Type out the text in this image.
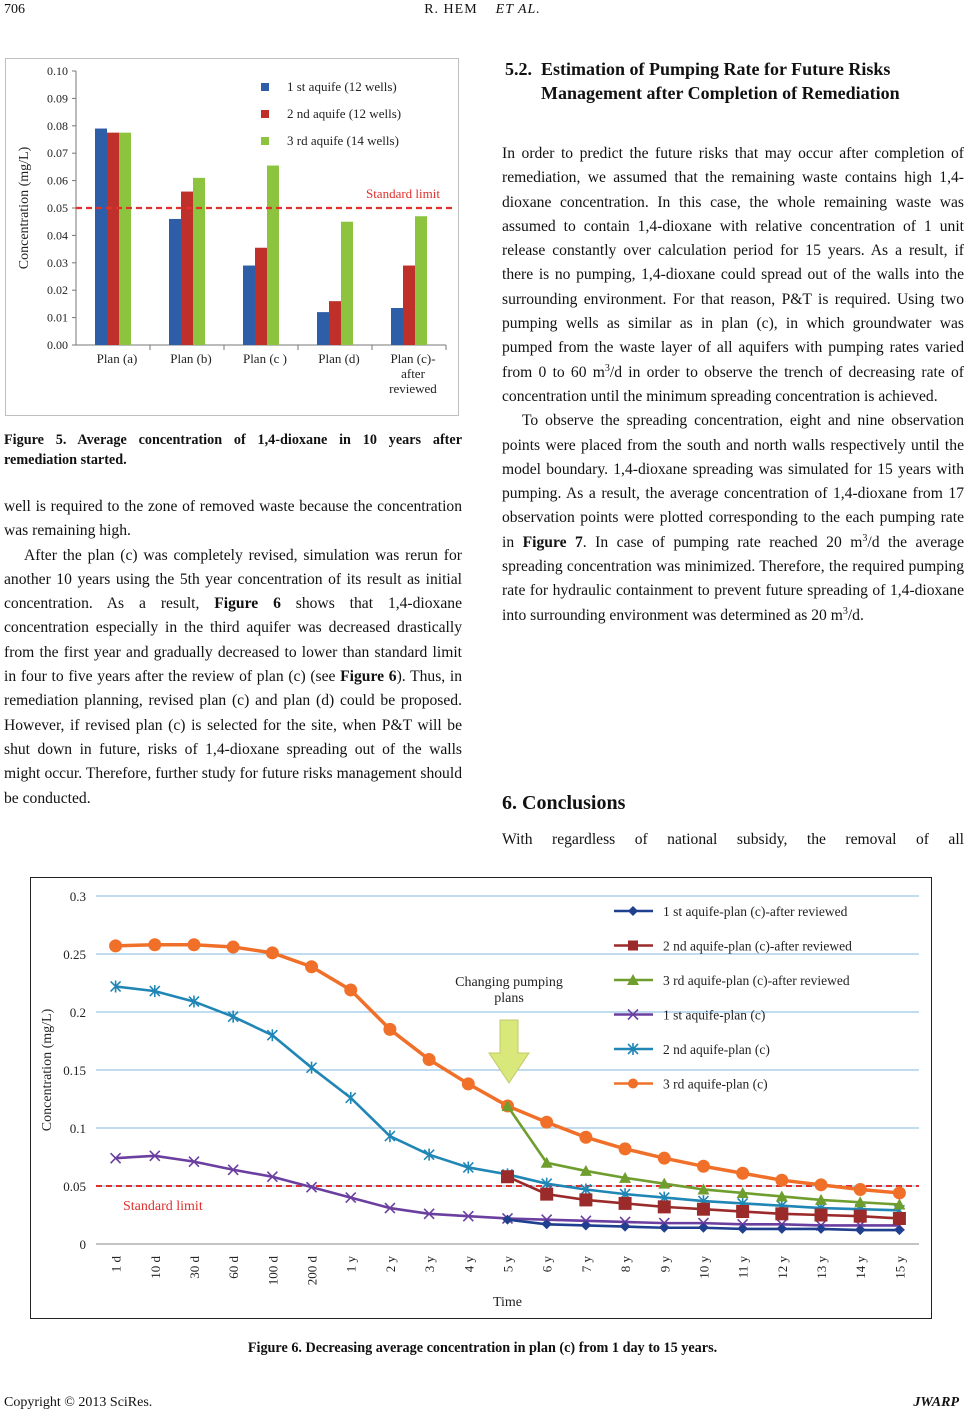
706	R. HEM ET AL.
0.10
0.09
0.08
0.07
0.06
0.05
0.04
0.03
0.02
0.01
0.00
Concentration (mg/L)
Plan (a)	Plan (b) Plan (c ) Plan (d) Plan (c)-
after
reviewed
Standard limit
1 st aquife (12 wells)
2 nd aquife (12 wells)
3 rd aquife (14 wells)
Figure 5. Average concentration of 1,4-dioxane in 10 years after remediation started.

well is required to the zone of removed waste because the concentration was remaining high.

After the plan (c) was completely revised, simulation was rerun for another 10 years using the 5th year concentration of its result as initial concentration. As a result, Figure 6 shows that 1,4-dioxane concentration especially in the third aquifer was decreased drastically from the first year and gradually decreased to lower than standard limit in four to five years after the review of plan (c) (see Figure 6). Thus, in remediation planning, revised plan (c) and plan (d) could be proposed. However, if revised plan (c) is selected for the site, when P&T will be shut down in future, risks of 1,4-dioxane spreading out of the walls might occur. Therefore, further study for future risks management should be conducted.

5.2. Estimation of Pumping Rate for Future Risks Management after Completion of Remediation

In order to predict the future risks that may occur after completion of remediation, we assumed that the remaining waste contains high 1,4-dioxane concentration. In this case, the whole remaining waste was assumed to contain 1,4-dioxane with relative concentration of 1 unit release constantly over calculation period for 15 years. As a result, if there is no pumping, 1,4-dioxane could spread out of the walls into the surrounding environment. For that reason, P&T is required. Using two pumping wells as similar as in plan (c), in which groundwater was pumped from the waste layer of all aquifers with pumping rates varied from 0 to 60 $m^3/d$ in order to observe the trench of decreasing rate of concentration until the minimum spreading concentration is achieved.

To observe the spreading concentration, eight and nine observation points were placed from the south and north walls respectively until the model boundary. 1,4-dioxane spreading was simulated for 15 years with pumping. As a result, the average concentration of 1,4-dioxane from 17 observation points were plotted corresponding to the each pumping rate in Figure 7. In case of pumping rate reached 20 $m^3/d$ the average spreading concentration was minimized. Therefore, the required pumping rate for hydraulic containment to prevent future spreading of 1,4-dioxane into surrounding environment was determined as 20 $m^3/d$.

6. Conclusions
With regardless of national subsidy, the removal of all
0.3
0.25
0.2
0.15
0.1
0.05
0
1 d 10 d 30 d 60 d 100 d 200 d 1 y 2 y 3 y 4 y 5 y 6 y 7 y 8 y 9 y 10 y 11 y 12 y 13 y 14 y 15 y
Time
Concentration (mg/L)
Standard limit
Changing pumping
plans
1 st aquife-plan (c)-after reviewed
2 nd aquife-plan (c)-after reviewed
3 rd aquife-plan (c)-after reviewed
1 st aquife-plan (c)
2 nd aquife-plan (c)
3 rd aquife-plan (c)
Figure 6. Decreasing average concentration in plan (c) from 1 day to 15 years.
Copyright © 2013 SciRes.	JWARP
